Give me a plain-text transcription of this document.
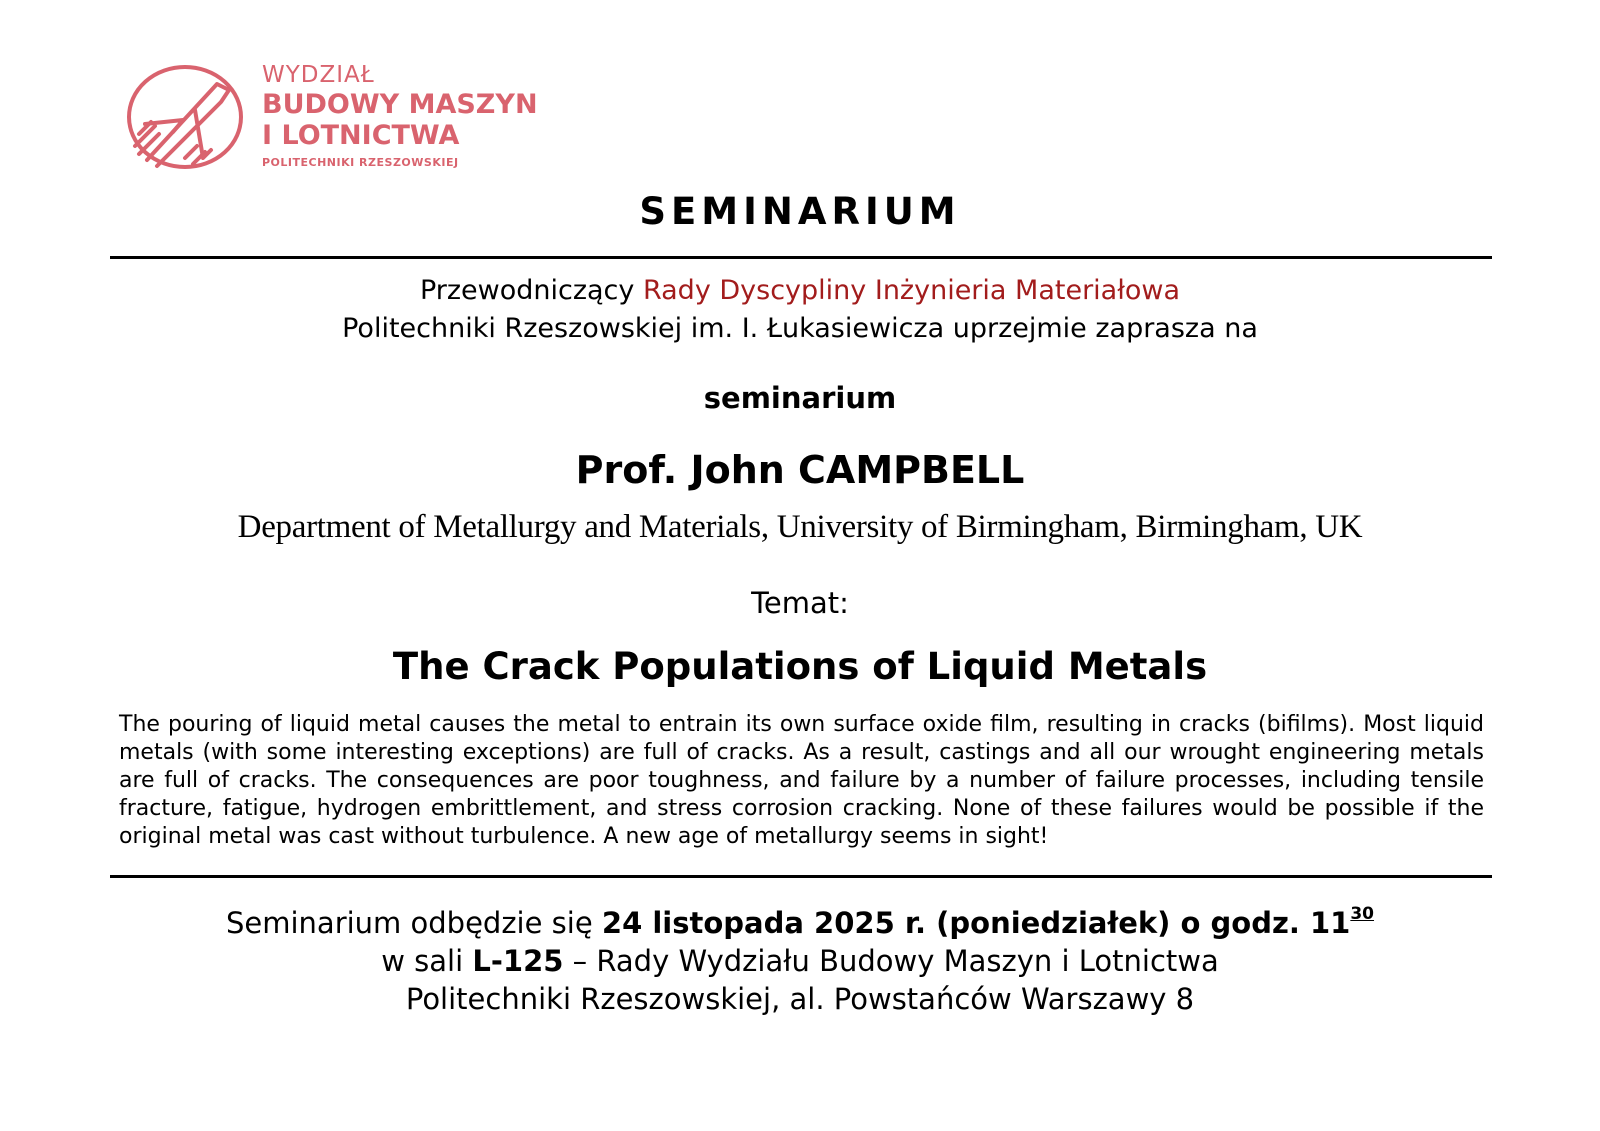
WYDZIAŁ
BUDOWY MASZYN
I LOTNICTWA
POLITECHNIKI RZESZOWSKIEJ
SEMINARIUM
Przewodniczący Rady Dyscypliny Inżynieria Materiałowa
Politechniki Rzeszowskiej im. I. Łukasiewicza uprzejmie zaprasza na
seminarium
Prof. John CAMPBELL
Department of Metallurgy and Materials, University of Birmingham, Birmingham, UK
Temat:
The Crack Populations of Liquid Metals
The pouring of liquid metal causes the metal to entrain its own surface oxide film, resulting in cracks (bifilms). Most liquid metals (with some interesting exceptions) are full of cracks. As a result, castings and all our wrought engineering metals are full of cracks. The consequences are poor toughness, and failure by a number of failure processes, including tensile fracture, fatigue, hydrogen embrittlement, and stress corrosion cracking. None of these failures would be possible if the original metal was cast without turbulence. A new age of metallurgy seems in sight!
Seminarium odbędzie się 24 listopada 2025 r. (poniedziałek) o godz. $11^{30}$
w sali L-125 – Rady Wydziału Budowy Maszyn i Lotnictwa
Politechniki Rzeszowskiej, al. Powstańców Warszawy 8
